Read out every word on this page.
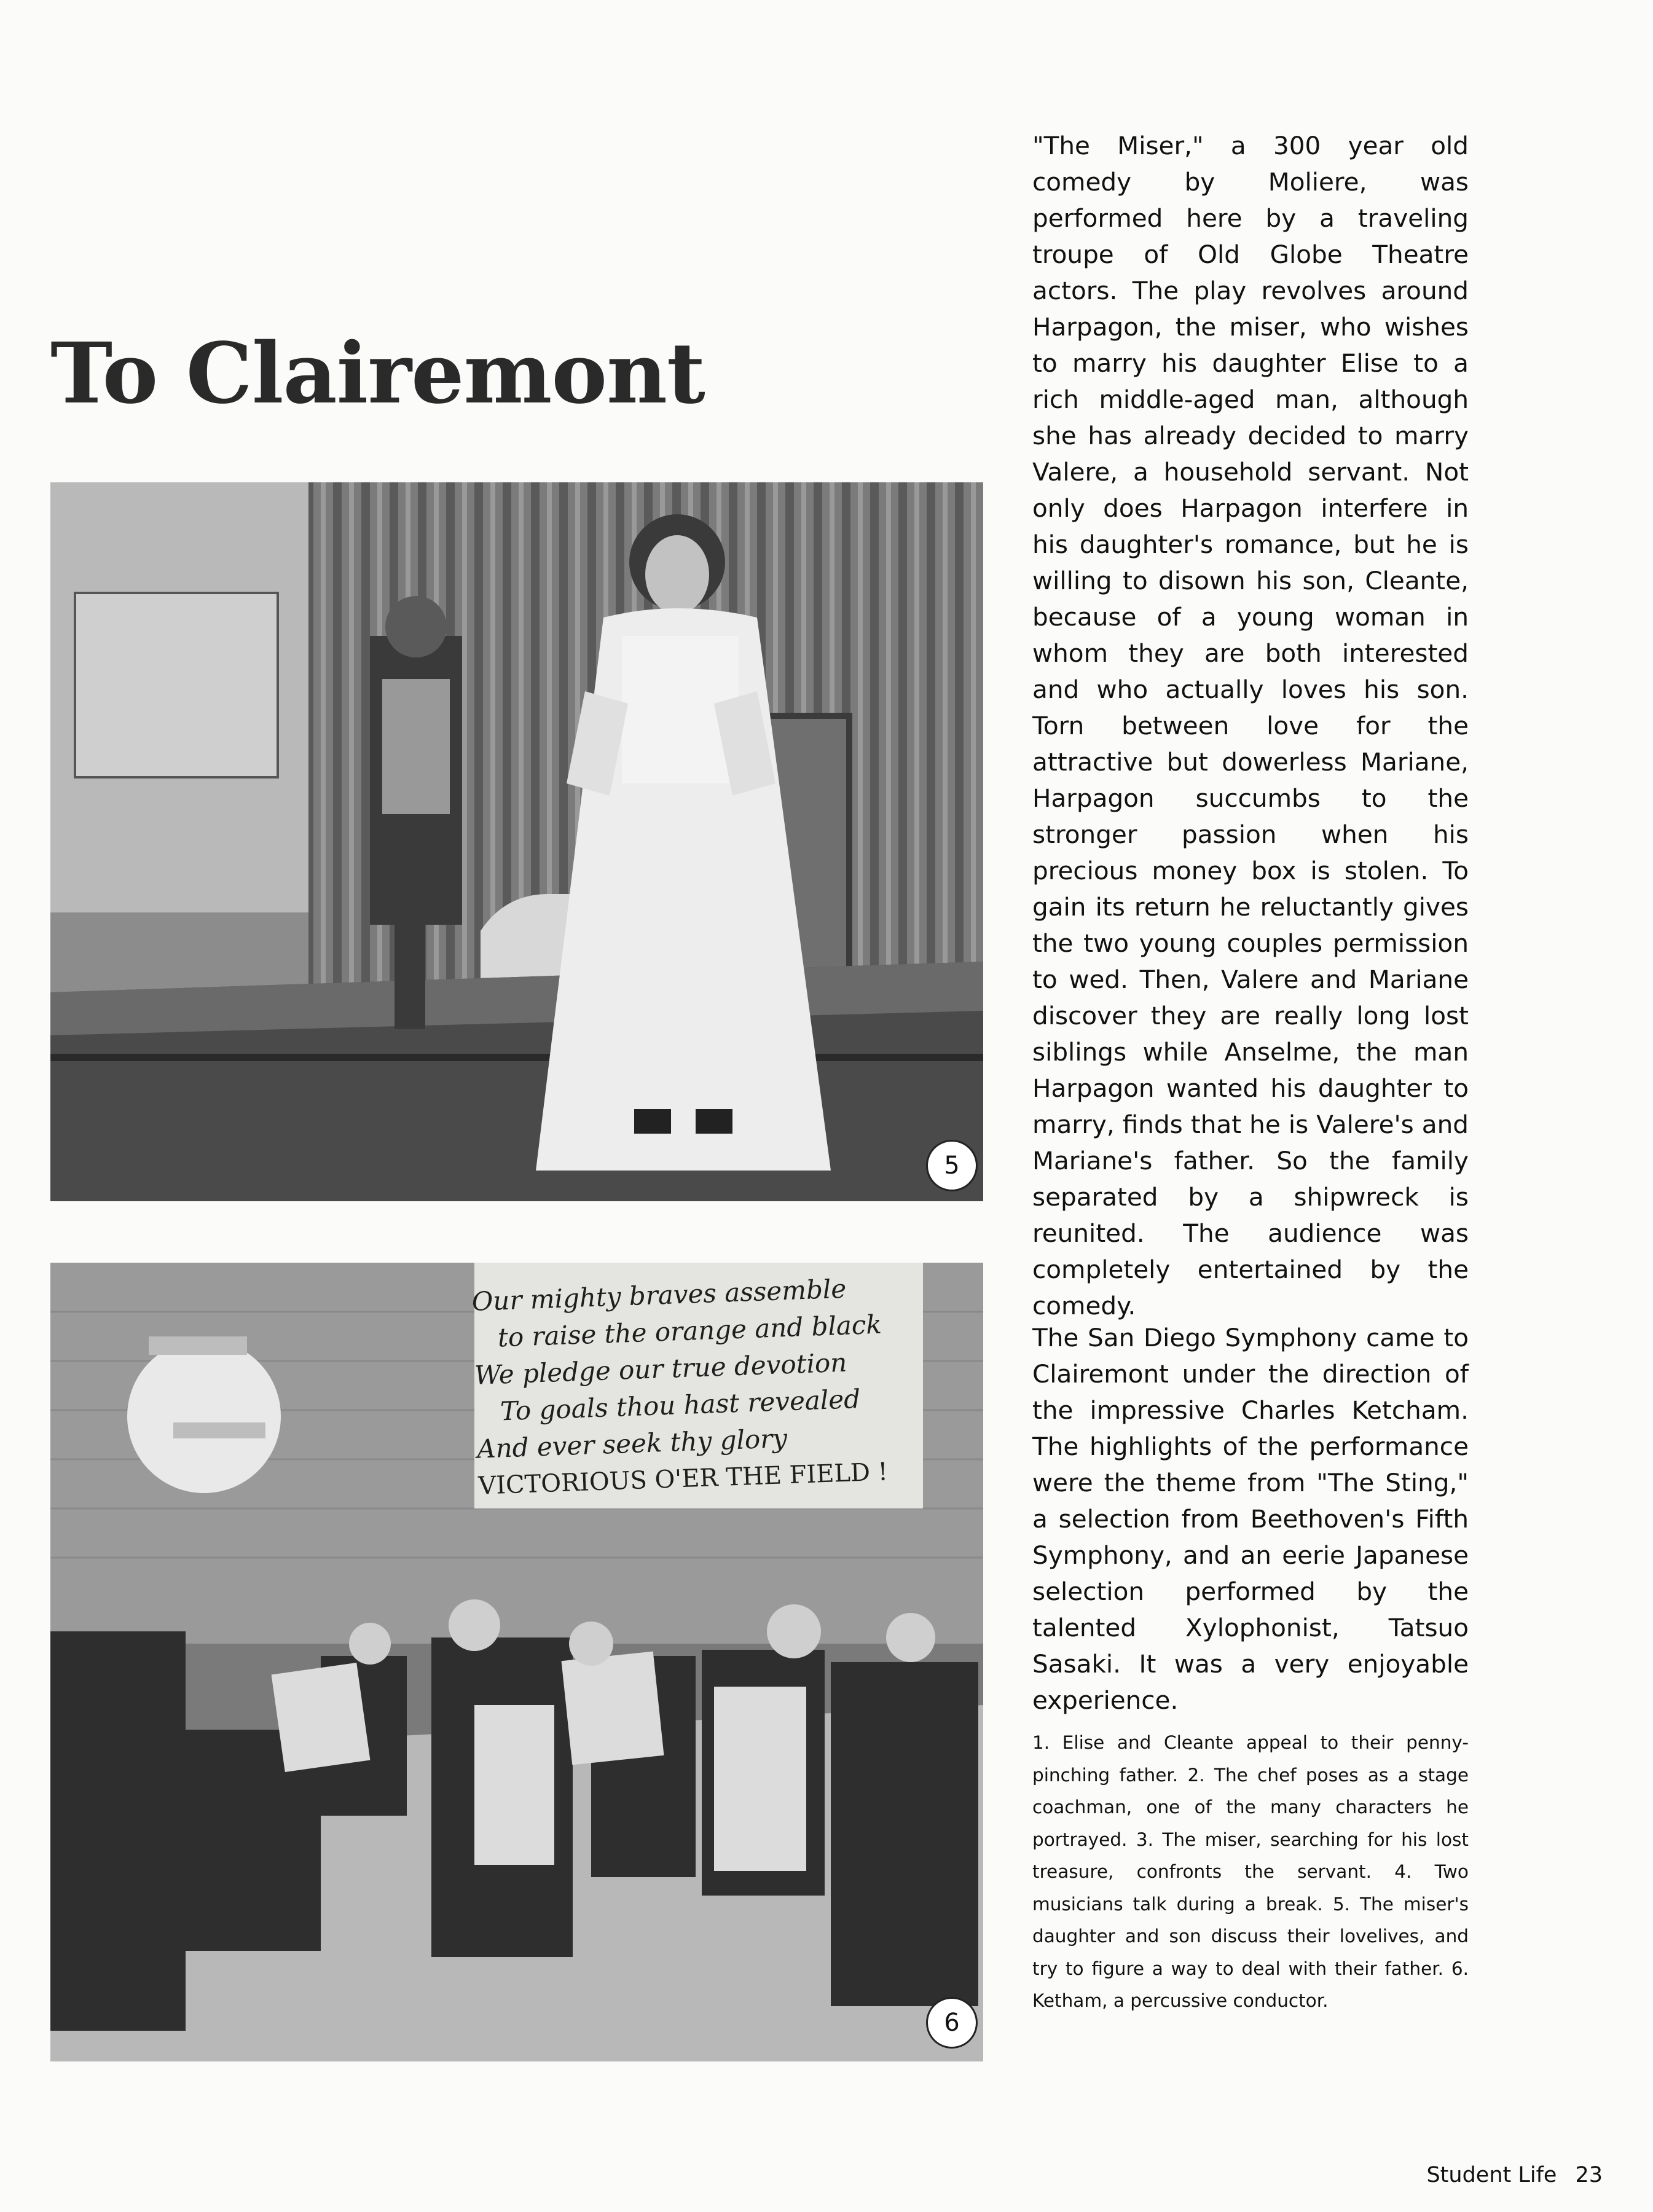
To Clairemont
5
Our mighty braves assemble
to raise the orange and black
We pledge our true devotion
To goals thou hast revealed
And ever seek thy glory
VICTORIOUS O'ER THE FIELD !
6

"The Miser," a 300 year old comedy by Moliere, was performed here by a traveling troupe of Old Globe Theatre actors. The play revolves around Harpagon, the miser, who wishes to marry his daughter Elise to a rich middle-aged man, although she has already decided to marry Valere, a household servant. Not only does Harpagon interfere in his daughter's romance, but he is willing to disown his son, Cleante, because of a young woman in whom they are both interested and who actually loves his son. Torn between love for the attractive but dowerless Mariane, Harpagon succumbs to the stronger passion when his precious money box is stolen. To gain its return he reluctantly gives the two young couples permission to wed. Then, Valere and Mariane discover they are really long lost siblings while Anselme, the man Harpagon wanted his daughter to marry, finds that he is Valere's and Mariane's father. So the family separated by a shipwreck is reunited. The audience was completely entertained by the comedy.

The San Diego Symphony came to Clairemont under the direction of the impressive Charles Ketcham. The highlights of the performance were the theme from "The Sting," a selection from Beethoven's Fifth Symphony, and an eerie Japanese selection performed by the talented Xylophonist, Tatsuo Sasaki. It was a very enjoyable experience.

1. Elise and Cleante appeal to their penny-pinching father. 2. The chef poses as a stage coachman, one of the many characters he portrayed. 3. The miser, searching for his lost treasure, confronts the servant. 4. Two musicians talk during a break. 5. The miser's daughter and son discuss their lovelives, and try to figure a way to deal with their father. 6. Ketham, a percussive conductor.

Student Life 23
